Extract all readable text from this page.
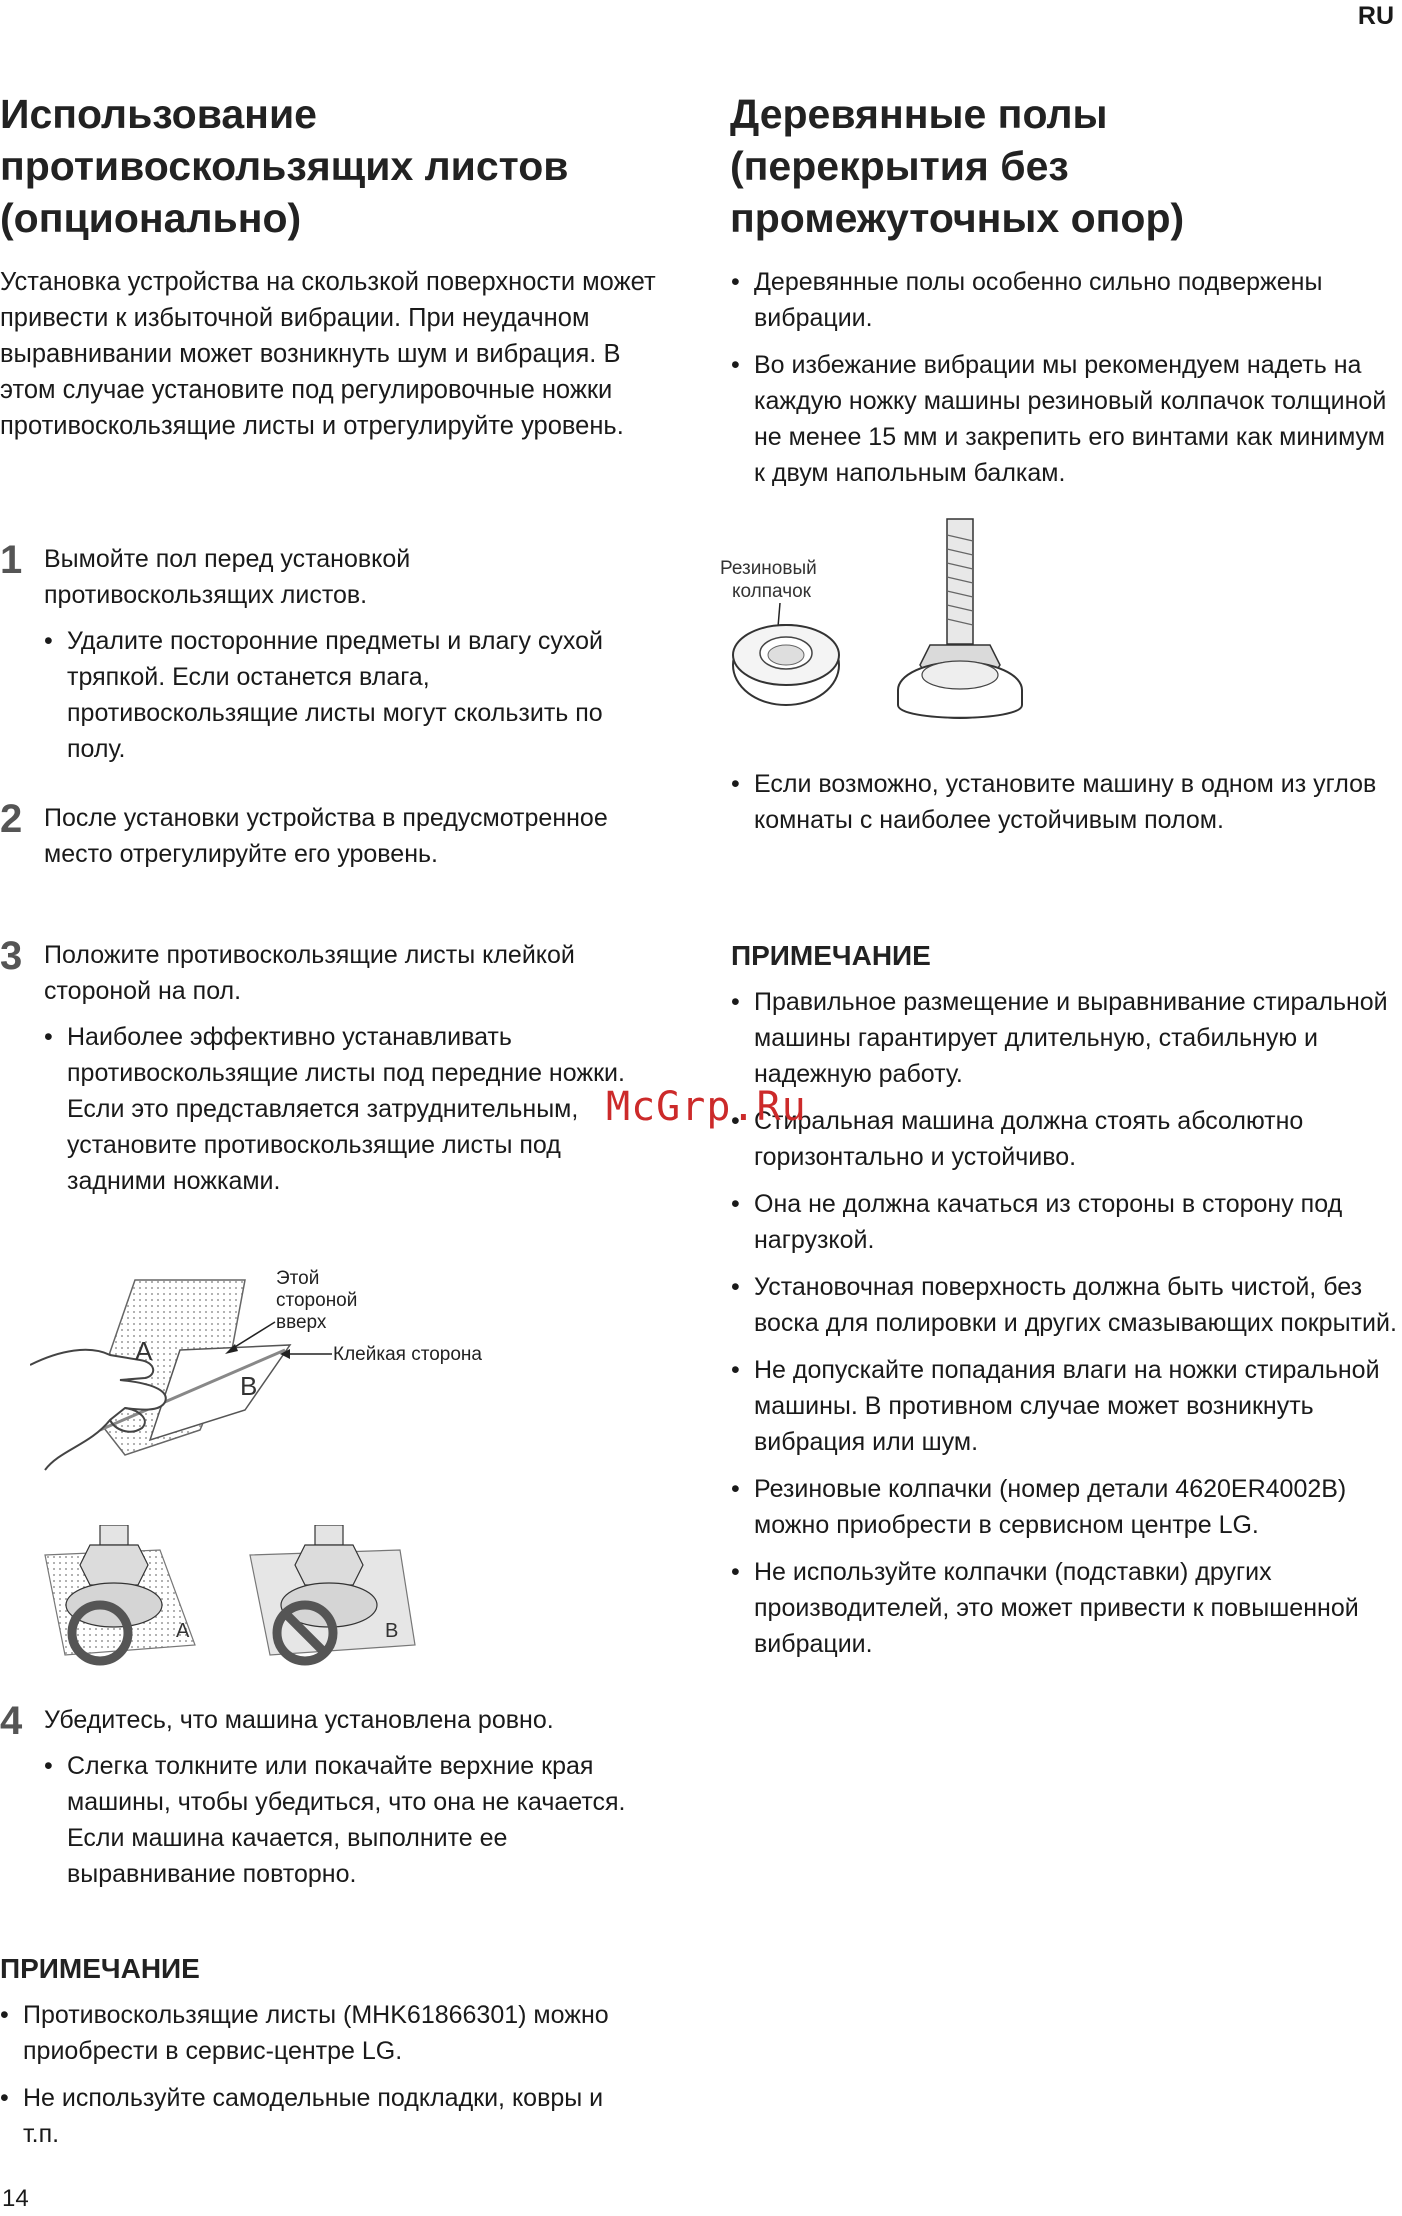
RU
14
Использование
противоскользящих листов
(опционально)

Установка устройства на скользкой поверхности может привести к избыточной вибрации. При неудачном выравнивании может возникнуть шум и вибрация. В этом случае установите под регулировочные ножки противоскользящие листы и отрегулируйте уровень.

1 Вымойте пол перед установкой противоскользящих листов.
• Удалите посторонние предметы и влагу сухой тряпкой. Если останется влага, противоскользящие листы могут скользить по полу.
2 После установки устройства в предусмотренное место отрегулируйте его уровень.
3 Положите противоскользящие листы клейкой стороной на пол.
• Наиболее эффективно устанавливать противоскользящие листы под передние ножки. Если это представляется затруднительным, установите противоскользящие листы под задними ножками.
A
B
Этой
стороной
вверх
Клейкая сторона
A	B
4 Убедитесь, что машина установлена ровно.
• Слегка толкните или покачайте верхние края машины, чтобы убедиться, что она не качается. Если машина качается, выполните ее выравнивание повторно.
ПРИМЕЧАНИЕ
• Противоскользящие листы (MHK61866301) можно приобрести в сервис-центре LG.
• Не используйте самодельные подкладки, ковры и т.п.
Деревянные полы
(перекрытия без
промежуточных опор)
• Деревянные полы особенно сильно подвержены вибрации.
• Во избежание вибрации мы рекомендуем надеть на каждую ножку машины резиновый колпачок толщиной не менее 15 мм и закрепить его винтами как минимум к двум напольным балкам.
Резиновый
колпачок
• Если возможно, установите машину в одном из углов комнаты с наиболее устойчивым полом.
ПРИМЕЧАНИЕ
• Правильное размещение и выравнивание стиральной машины гарантирует длительную, стабильную и надежную работу.
• Стиральная машина должна стоять абсолютно горизонтально и устойчиво.
• Она не должна качаться из стороны в сторону под нагрузкой.
• Установочная поверхность должна быть чистой, без воска для полировки и других смазывающих покрытий.
• Не допускайте попадания влаги на ножки стиральной машины. В противном случае может возникнуть вибрация или шум.
• Резиновые колпачки (номер детали 4620ER4002B) можно приобрести в сервисном центре LG.
• Не используйте колпачки (подставки) других производителей, это может привести к повышенной вибрации.
McGrp.Ru
